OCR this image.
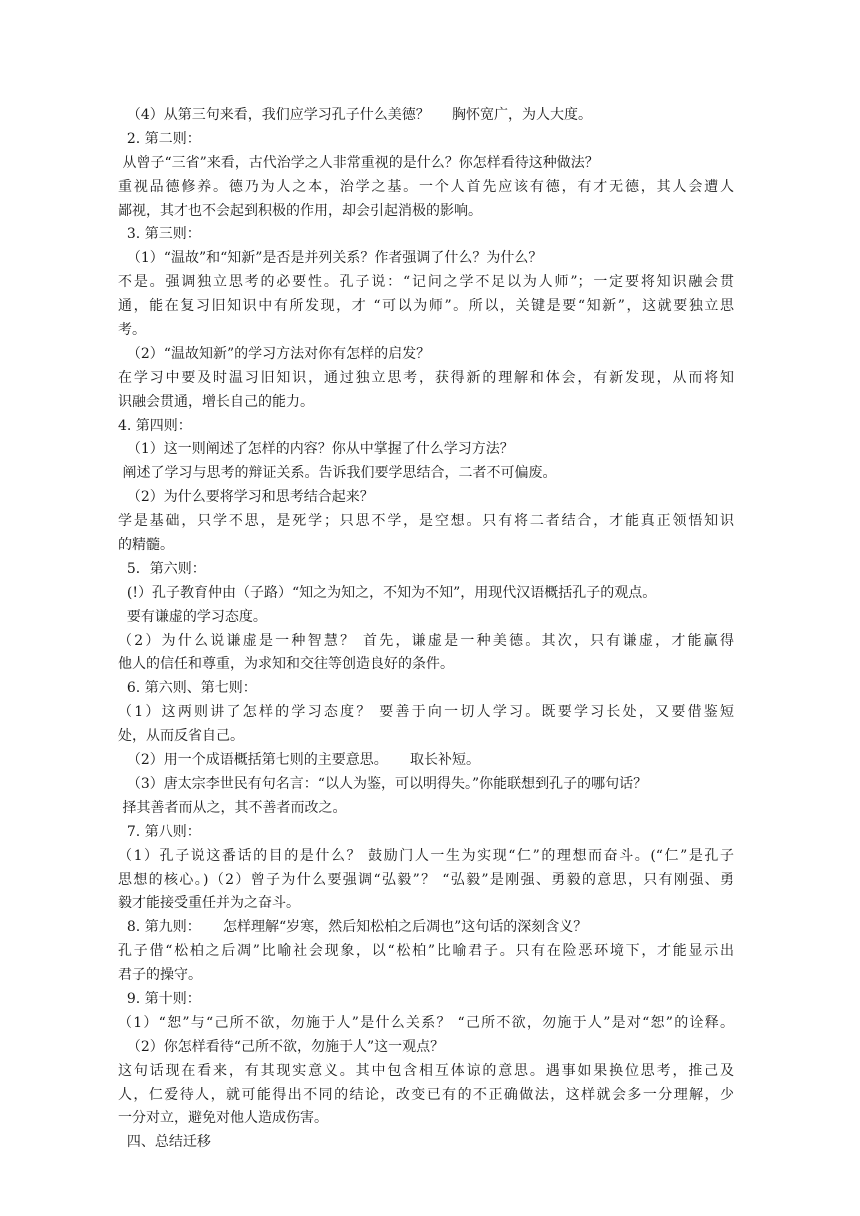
（4）从第三句来看，我们应学习孔子什么美德？     胸怀宽广，为人大度。
2. 第二则：
从曾子“三省”来看，古代治学之人非常重视的是什么？你怎样看待这种做法？
重视品德修养。德乃为人之本，治学之基。一个人首先应该有德，有才无德，其人会遭人
鄙视，其才也不会起到积极的作用，却会引起消极的影响。
3. 第三则：
（1）“温故”和“知新”是否是并列关系？作者强调了什么？为什么？
不是。强调独立思考的必要性。孔子说：“记问之学不足以为人师”；一定要将知识融会贯
通，能在复习旧知识中有所发现，才 “可以为师”。所以，关键是要“知新”，这就要独立思
考。
（2）“温故知新”的学习方法对你有怎样的启发？
在学习中要及时温习旧知识，通过独立思考，获得新的理解和体会，有新发现，从而将知
识融会贯通，增长自己的能力。
4. 第四则：
（1）这一则阐述了怎样的内容？你从中掌握了什么学习方法？
阐述了学习与思考的辩证关系。告诉我们要学思结合，二者不可偏废。
（2）为什么要将学习和思考结合起来？
学是基础，只学不思，是死学；只思不学，是空想。只有将二者结合，才能真正领悟知识
的精髓。
5．第六则：
(!）孔子教育仲由（子路）“知之为知之，不知为不知”，用现代汉语概括孔子的观点。
要有谦虚的学习态度。
（2）为什么说谦虚是一种智慧？ 首先，谦虚是一种美德。其次，只有谦虚，才能赢得
他人的信任和尊重，为求知和交往等创造良好的条件。
6. 第六则、第七则：
（1）这两则讲了怎样的学习态度？ 要善于向一切人学习。既要学习长处，又要借鉴短
处，从而反省自己。
（2）用一个成语概括第七则的主要意思。     取长补短。
（3）唐太宗李世民有句名言：“以人为鉴，可以明得失。”你能联想到孔子的哪句话？
择其善者而从之，其不善者而改之。
7. 第八则：
（1）孔子说这番话的目的是什么？ 鼓励门人一生为实现“仁”的理想而奋斗。(“仁”是孔子
思想的核心。)（2）曾子为什么要强调“弘毅”？ “弘毅”是刚强、勇毅的意思，只有刚强、勇
毅才能接受重任并为之奋斗。
8. 第九则：     怎样理解“岁寒，然后知松柏之后凋也”这句话的深刻含义？
孔子借“松柏之后凋”比喻社会现象，以“松柏”比喻君子。只有在险恶环境下，才能显示出
君子的操守。
9. 第十则：
（1）“恕”与“己所不欲，勿施于人”是什么关系？ “己所不欲，勿施于人”是对“恕”的诠释。
（2）你怎样看待“己所不欲，勿施于人”这一观点？
这句话现在看来，有其现实意义。其中包含相互体谅的意思。遇事如果换位思考，推己及
人，仁爱待人，就可能得出不同的结论，改变已有的不正确做法，这样就会多一分理解，少
一分对立，避免对他人造成伤害。
四、总结迁移
